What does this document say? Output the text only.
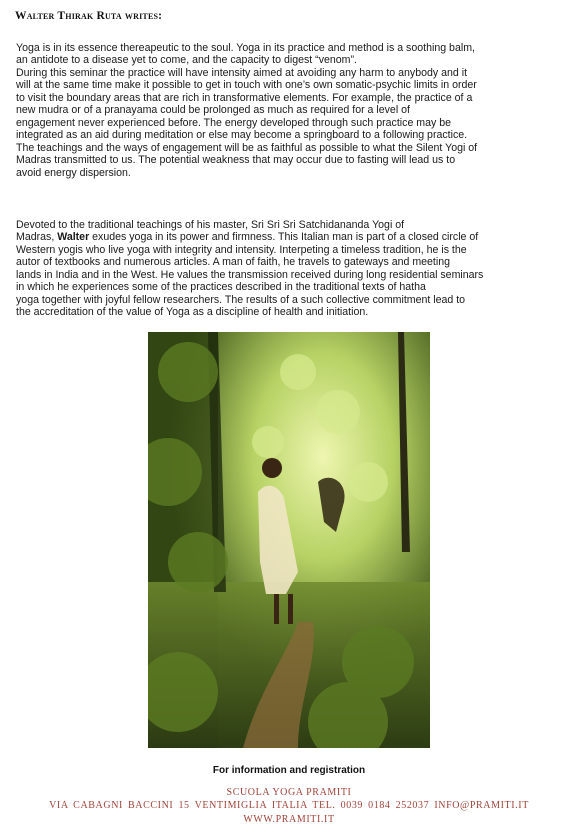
Walter Thirak Ruta writes:

Yoga is in its essence thereapeutic to the soul. Yoga in its practice and method is a soothing balm,

an antidote to a disease yet to come, and the capacity to digest “venom”.

During this seminar the practice will have intensity aimed at avoiding any harm to anybody and it

will at the same time make it possible to get in touch with one’s own somatic-psychic limits in order

to visit the boundary areas that are rich in transformative elements. For example, the practice of a

new mudra or of a pranayama could be prolonged as much as required for a level of

engagement never experienced before. The energy developed through such practice may be

integrated as an aid during meditation or else may become a springboard to a following practice.

The teachings and the ways of engagement will be as faithful as possible to what the Silent Yogi of

Madras transmitted to us. The potential weakness that may occur due to fasting will lead us to

avoid energy dispersion.

Devoted to the traditional teachings of his master, Sri Sri Sri Satchidananda Yogi of

Madras, Walter exudes yoga in its power and firmness. This Italian man is part of a closed circle of

Western yogis who live yoga with integrity and intensity. Interpeting a timeless tradition, he is the

autor of textbooks and numerous articles. A man of faith, he travels to gateways and meeting

lands in India and in the West. He values the transmission received during long residential seminars

in which he experiences some of the practices described in the traditional texts of hatha

yoga together with joyful fellow researchers. The results of a such collective commitment lead to

the accreditation of the value of Yoga as a discipline of health and initiation.

For information and registration
SCUOLA YOGA PRAMITI
VIA CABAGNI BACCINI 15 VENTIMIGLIA ITALIA TEL. 0039 0184 252037 INFO@PRAMITI.IT
WWW.PRAMITI.IT
